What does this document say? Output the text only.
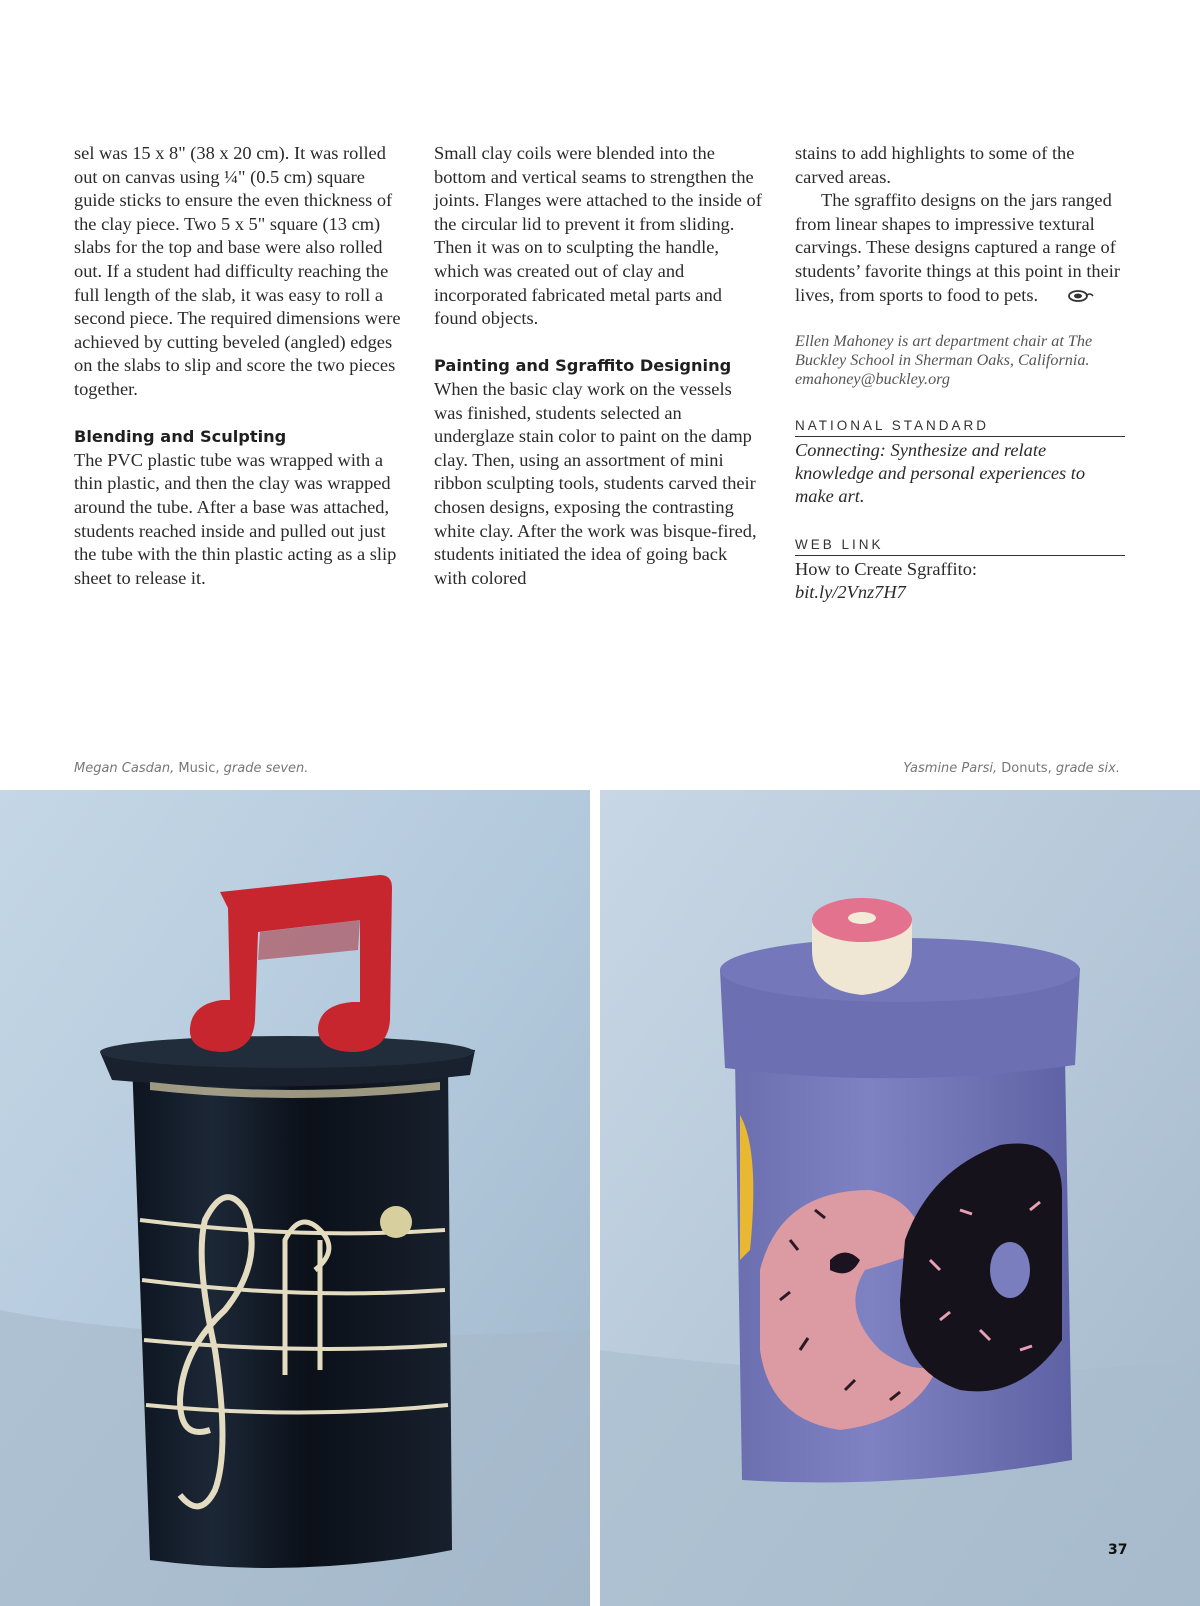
sel was 15 x 8" (38 x 20 cm). It was rolled out on canvas using ¼" (0.5 cm) square guide sticks to ensure the even thickness of the clay piece. Two 5 x 5" square (13 cm) slabs for the top and base were also rolled out. If a student had difficulty reaching the full length of the slab, it was easy to roll a second piece. The required dimensions were achieved by cutting beveled (angled) edges on the slabs to slip and score the two pieces together.

Blending and Sculpting

The PVC plastic tube was wrapped with a thin plastic, and then the clay was wrapped around the tube. After a base was attached, students reached inside and pulled out just the tube with the thin plastic acting as a slip sheet to release it.

Small clay coils were blended into the bottom and vertical seams to strengthen the joints. Flanges were attached to the inside of the circular lid to prevent it from sliding. Then it was on to sculpting the handle, which was created out of clay and incorporated fabricated metal parts and found objects.

Painting and Sgraffito Designing

When the basic clay work on the vessels was finished, students selected an underglaze stain color to paint on the damp clay. Then, using an assortment of mini ribbon sculpting tools, students carved their chosen designs, exposing the contrasting white clay. After the work was bisque-fired, students initiated the idea of going back with colored

stains to add highlights to some of the carved areas.

The sgraffito designs on the jars ranged from linear shapes to impressive textural carvings. These designs captured a range of students’ favorite things at this point in their lives, from sports to food to pets.

Ellen Mahoney is art department chair at The Buckley School in Sherman Oaks, California. emahoney@buckley.org

NATIONAL STANDARD

Connecting: Synthesize and relate knowledge and personal experiences to make art.

WEB LINK

How to Create Sgraffito:
bit.ly/2Vnz7H7

Megan Casdan, Music, grade seven.	Yasmine Parsi, Donuts, grade six.
37
